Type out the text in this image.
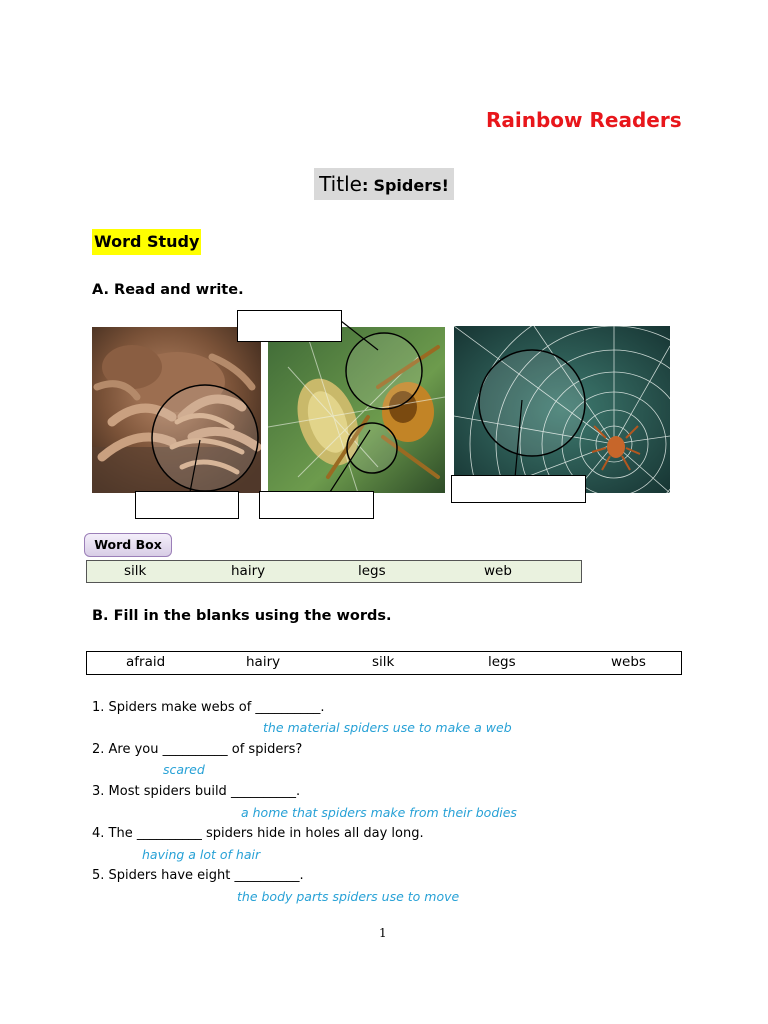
Rainbow Readers
Title: Spiders!
Word Study
A. Read and write.
Word Box
silk	hairy	legs	web
B. Fill in the blanks using the words.
afraid	hairy	silk	legs	webs
1. Spiders make webs of __________.
the material spiders use to make a web
2. Are you __________ of spiders?
scared
3. Most spiders build __________.
a home that spiders make from their bodies
4. The __________ spiders hide in holes all day long.
having a lot of hair
5. Spiders have eight __________.
the body parts spiders use to move
1
